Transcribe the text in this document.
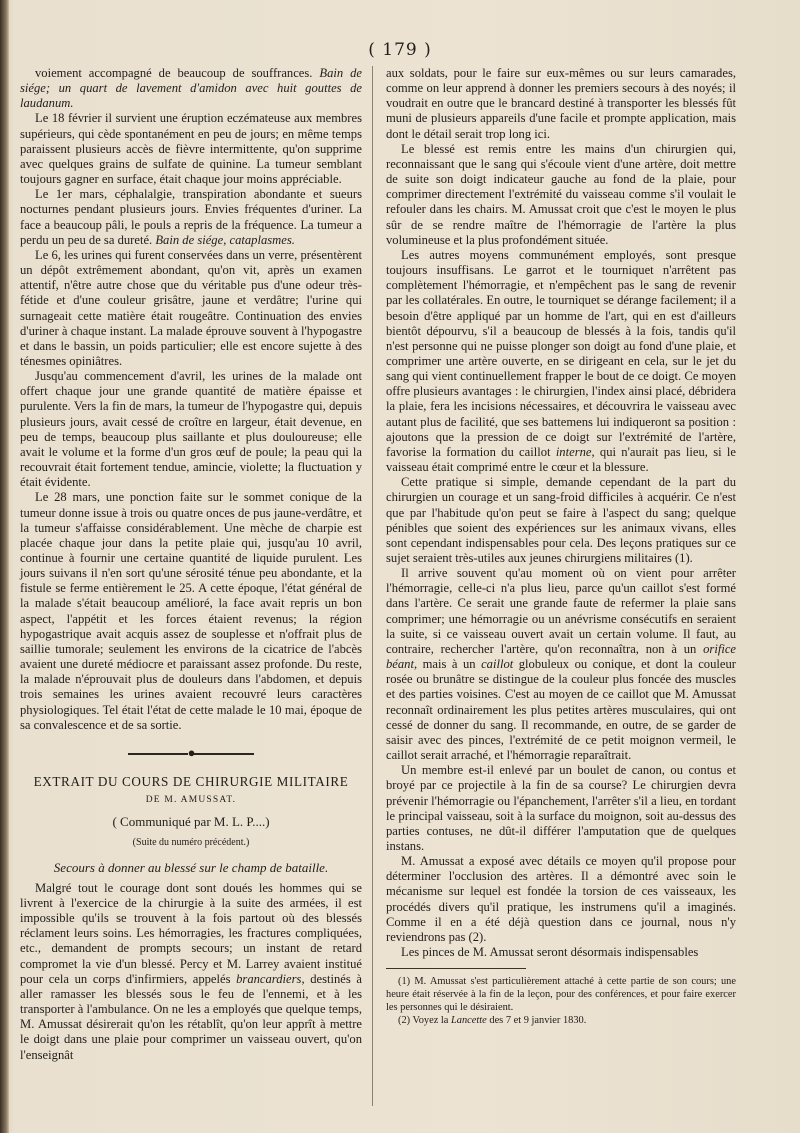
( 179 )

voiement accompagné de beaucoup de souffrances. Bain de siége; un quart de lavement d'amidon avec huit gouttes de laudanum.

Le 18 février il survient une éruption eczémateuse aux membres supérieurs, qui cède spontanément en peu de jours; en même temps paraissent plusieurs accès de fièvre intermittente, qu'on supprime avec quelques grains de sulfate de quinine. La tumeur semblant toujours gagner en surface, était chaque jour moins appréciable.

Le 1er mars, céphalalgie, transpiration abondante et sueurs nocturnes pendant plusieurs jours. Envies fréquentes d'uriner. La face a beaucoup pâli, le pouls a repris de la fréquence. La tumeur a perdu un peu de sa dureté. Bain de siége, cataplasmes.

Le 6, les urines qui furent conservées dans un verre, présentèrent un dépôt extrêmement abondant, qu'on vit, après un examen attentif, n'être autre chose que du véritable pus d'une odeur très-fétide et d'une couleur grisâtre, jaune et verdâtre; l'urine qui surnageait cette matière était rougeâtre. Continuation des envies d'uriner à chaque instant. La malade éprouve souvent à l'hypogastre et dans le bassin, un poids particulier; elle est encore sujette à des ténesmes opiniâtres.

Jusqu'au commencement d'avril, les urines de la malade ont offert chaque jour une grande quantité de matière épaisse et purulente. Vers la fin de mars, la tumeur de l'hypogastre qui, depuis plusieurs jours, avait cessé de croître en largeur, était devenue, en peu de temps, beaucoup plus saillante et plus douloureuse; elle avait le volume et la forme d'un gros œuf de poule; la peau qui la recouvrait était fortement tendue, amincie, violette; la fluctuation y était évidente.

Le 28 mars, une ponction faite sur le sommet conique de la tumeur donne issue à trois ou quatre onces de pus jaune-verdâtre, et la tumeur s'affaisse considérablement. Une mèche de charpie est placée chaque jour dans la petite plaie qui, jusqu'au 10 avril, continue à fournir une certaine quantité de liquide purulent. Les jours suivans il n'en sort qu'une sérosité ténue peu abondante, et la fistule se ferme entièrement le 25. A cette époque, l'état général de la malade s'était beaucoup amélioré, la face avait repris un bon aspect, l'appétit et les forces étaient revenus; la région hypogastrique avait acquis assez de souplesse et n'offrait plus de saillie tumorale; seulement les environs de la cicatrice de l'abcès avaient une dureté médiocre et paraissant assez profonde. Du reste, la malade n'éprouvait plus de douleurs dans l'abdomen, et depuis trois semaines les urines avaient recouvré leurs caractères physiologiques. Tel était l'état de cette malade le 10 mai, époque de sa convalescence et de sa sortie.

●
EXTRAIT DU COURS DE CHIRURGIE MILITAIRE
DE M. AMUSSAT.
( Communiqué par M. L. P....)
(Suite du numéro précédent.)
Secours à donner au blessé sur le champ de bataille.

Malgré tout le courage dont sont doués les hommes qui se livrent à l'exercice de la chirurgie à la suite des armées, il est impossible qu'ils se trouvent à la fois partout où des blessés réclament leurs soins. Les hémorragies, les fractures compliquées, etc., demandent de prompts secours; un instant de retard compromet la vie d'un blessé. Percy et M. Larrey avaient institué pour cela un corps d'infirmiers, appelés brancardiers, destinés à aller ramasser les blessés sous le feu de l'ennemi, et à les transporter à l'ambulance. On ne les a employés que quelque temps, M. Amussat désirerait qu'on les rétablît, qu'on leur apprît à mettre le doigt dans une plaie pour comprimer un vaisseau ouvert, qu'on l'enseignât

aux soldats, pour le faire sur eux-mêmes ou sur leurs camarades, comme on leur apprend à donner les premiers secours à des noyés; il voudrait en outre que le brancard destiné à transporter les blessés fût muni de plusieurs appareils d'une facile et prompte application, mais dont le détail serait trop long ici.

Le blessé est remis entre les mains d'un chirurgien qui, reconnaissant que le sang qui s'écoule vient d'une artère, doit mettre de suite son doigt indicateur gauche au fond de la plaie, pour comprimer directement l'extrémité du vaisseau comme s'il voulait le refouler dans les chairs. M. Amussat croit que c'est le moyen le plus sûr de se rendre maître de l'hémorragie de l'artère la plus volumineuse et la plus profondément située.

Les autres moyens communément employés, sont presque toujours insuffisans. Le garrot et le tourniquet n'arrêtent pas complètement l'hémorragie, et n'empêchent pas le sang de revenir par les collatérales. En outre, le tourniquet se dérange facilement; il a besoin d'être appliqué par un homme de l'art, qui en est d'ailleurs bientôt dépourvu, s'il a beaucoup de blessés à la fois, tandis qu'il n'est personne qui ne puisse plonger son doigt au fond d'une plaie, et comprimer une artère ouverte, en se dirigeant en cela, sur le jet du sang qui vient continuellement frapper le bout de ce doigt. Ce moyen offre plusieurs avantages : le chirurgien, l'index ainsi placé, débridera la plaie, fera les incisions nécessaires, et découvrira le vaisseau avec autant plus de facilité, que ses battemens lui indiqueront sa position : ajoutons que la pression de ce doigt sur l'extrémité de l'artère, favorise la formation du caillot interne, qui n'aurait pas lieu, si le vaisseau était comprimé entre le cœur et la blessure.

Cette pratique si simple, demande cependant de la part du chirurgien un courage et un sang-froid difficiles à acquérir. Ce n'est que par l'habitude qu'on peut se faire à l'aspect du sang; quelque pénibles que soient des expériences sur les animaux vivans, elles sont cependant indispensables pour cela. Des leçons pratiques sur ce sujet seraient très-utiles aux jeunes chirurgiens militaires (1).

Il arrive souvent qu'au moment où on vient pour arrêter l'hémorragie, celle-ci n'a plus lieu, parce qu'un caillot s'est formé dans l'artère. Ce serait une grande faute de refermer la plaie sans comprimer; une hémorragie ou un anévrisme consécutifs en seraient la suite, si ce vaisseau ouvert avait un certain volume. Il faut, au contraire, rechercher l'artère, qu'on reconnaîtra, non à un orifice béant, mais à un caillot globuleux ou conique, et dont la couleur rosée ou brunâtre se distingue de la couleur plus foncée des muscles et des parties voisines. C'est au moyen de ce caillot que M. Amussat reconnaît ordinairement les plus petites artères musculaires, qui ont cessé de donner du sang. Il recommande, en outre, de se garder de saisir avec des pinces, l'extrémité de ce petit moignon vermeil, le caillot serait arraché, et l'hémorragie reparaîtrait.

Un membre est-il enlevé par un boulet de canon, ou contus et broyé par ce projectile à la fin de sa course? Le chirurgien devra prévenir l'hémorragie ou l'épanchement, l'arrêter s'il a lieu, en tordant le principal vaisseau, soit à la surface du moignon, soit au-dessus des parties contuses, ne dût-il différer l'amputation que de quelques instans.

M. Amussat a exposé avec détails ce moyen qu'il propose pour déterminer l'occlusion des artères. Il a démontré avec soin le mécanisme sur lequel est fondée la torsion de ces vaisseaux, les procédés divers qu'il pratique, les instrumens qu'il a imaginés. Comme il en a été déjà question dans ce journal, nous n'y reviendrons pas (2).

Les pinces de M. Amussat seront désormais indispensables

(1) M. Amussat s'est particulièrement attaché à cette partie de son cours; une heure était réservée à la fin de la leçon, pour des conférences, et pour faire exercer les personnes qui le désiraient.

(2) Voyez la Lancette des 7 et 9 janvier 1830.
